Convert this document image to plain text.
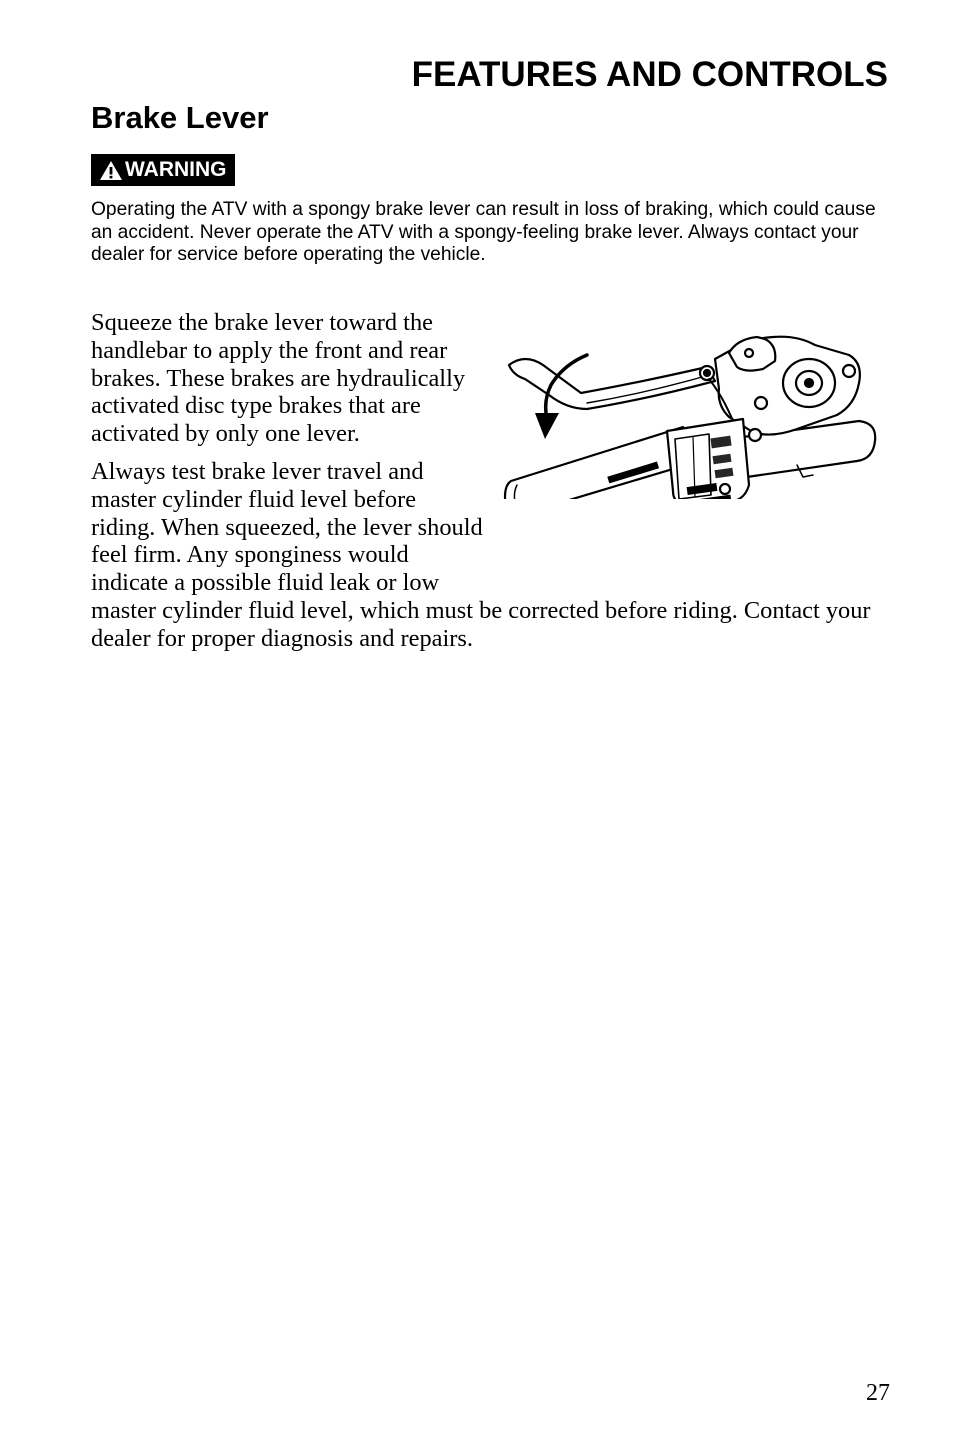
FEATURES AND CONTROLS
Brake Lever
WARNING

Operating the ATV with a spongy brake lever can result in loss of braking, which could cause an accident. Never operate the ATV with a spongy-feeling brake lever. Always contact your dealer for service before operating the vehicle.

Squeeze the brake lever toward the handlebar to apply the front and rear brakes. These brakes are hydraulically activated disc type brakes that are activated by only one lever.

Always test brake lever travel and master cylinder fluid level before riding. When squeezed, the lever should feel firm. Any sponginess would indicate a possible fluid leak or low master cylinder fluid level, which must be corrected before riding. Contact your dealer for proper diagnosis and repairs.

27
